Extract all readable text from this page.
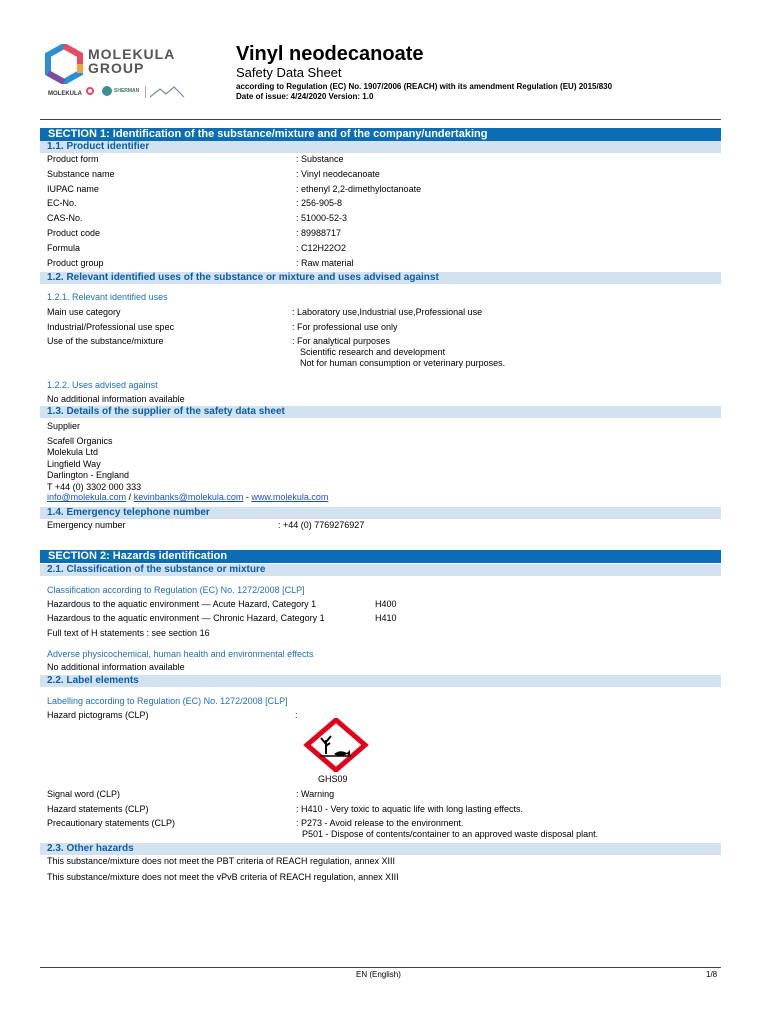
MOLEKULA
GROUP
MOLEKULA	SHERMAN
Vinyl neodecanoate
Safety Data Sheet
according to Regulation (EC) No. 1907/2006 (REACH) with its amendment Regulation (EU) 2015/830
Date of issue: 4/24/2020 Version: 1.0
SECTION 1: Identification of the substance/mixture and of the company/undertaking
1.1. Product identifier
Product form	: Substance
Substance name	: Vinyl neodecanoate
IUPAC name	: ethenyl 2,2-dimethyloctanoate
EC-No.	: 256-905-8
CAS-No.	: 51000-52-3
Product code	: 89988717
Formula	: C12H22O2
Product group	: Raw material
1.2. Relevant identified uses of the substance or mixture and uses advised against
1.2.1. Relevant identified uses
Main use category	: Laboratory use,Industrial use,Professional use
Industrial/Professional use spec	: For professional use only
Use of the substance/mixture	: For analytical purposes
Scientific research and development
Not for human consumption or veterinary purposes.
1.2.2. Uses advised against
No additional information available
1.3. Details of the supplier of the safety data sheet
Supplier
Scafell Organics
Molekula Ltd
Lingfield Way
Darlington - England
T +44 (0) 3302 000 333
info@molekula.com / kevinbanks@molekula.com - www.molekula.com
1.4. Emergency telephone number
Emergency number	: +44 (0) 7769276927
SECTION 2: Hazards identification
2.1. Classification of the substance or mixture
Classification according to Regulation (EC) No. 1272/2008 [CLP]
Hazardous to the aquatic environment — Acute Hazard, Category 1	H400
Hazardous to the aquatic environment — Chronic Hazard, Category 1	H410
Full text of H statements : see section 16
Adverse physicochemical, human health and environmental effects
No additional information available
2.2. Label elements
Labelling according to Regulation (EC) No. 1272/2008 [CLP]
Hazard pictograms (CLP)	:
GHS09
Signal word (CLP)	: Warning
Hazard statements (CLP)	: H410 - Very toxic to aquatic life with long lasting effects.
Precautionary statements (CLP)	: P273 - Avoid release to the environment.
P501 - Dispose of contents/container to an approved waste disposal plant.
2.3. Other hazards
This substance/mixture does not meet the PBT criteria of REACH regulation, annex XIII
This substance/mixture does not meet the vPvB criteria of REACH regulation, annex XIII
EN (English)	1/8
